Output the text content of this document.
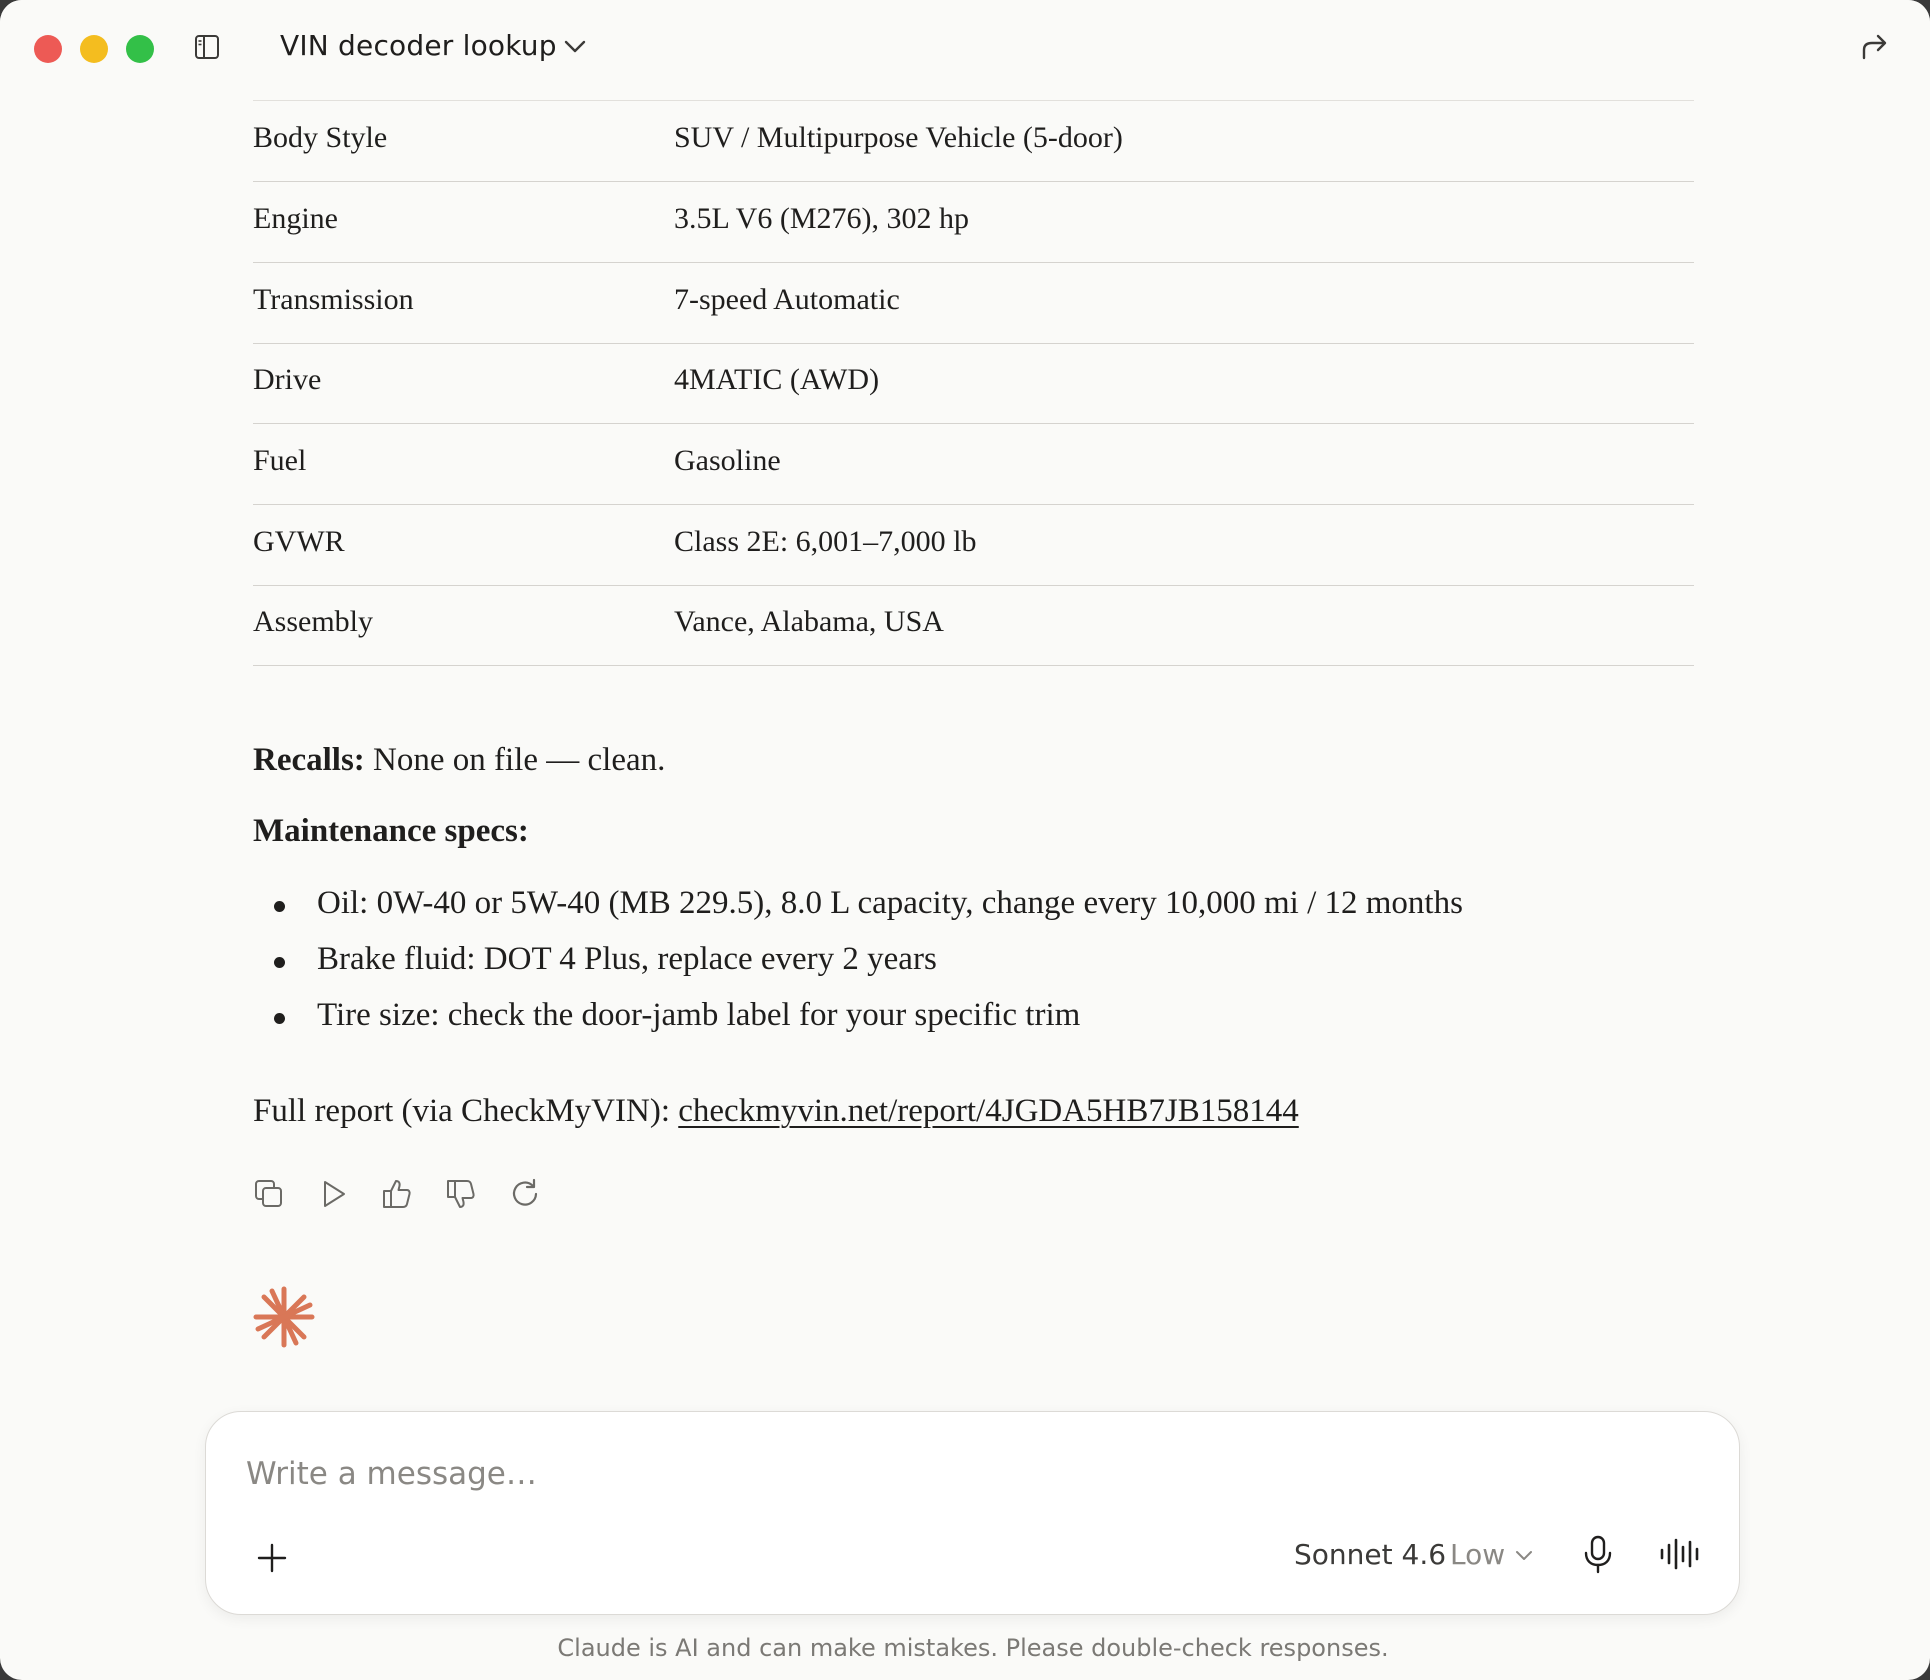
VIN decoder lookup
Body Style	SUV / Multipurpose Vehicle (5-door)
Engine	3.5L V6 (M276), 302 hp
Transmission	7-speed Automatic
Drive	4MATIC (AWD)
Fuel	Gasoline
GVWR	Class 2E: 6,001–7,000 lb
Assembly	Vance, Alabama, USA
Recalls: None on file — clean.
Maintenance specs:
Oil: 0W-40 or 5W-40 (MB 229.5), 8.0 L capacity, change every 10,000 mi / 12 months
Brake fluid: DOT 4 Plus, replace every 2 years
Tire size: check the door-jamb label for your specific trim
Full report (via CheckMyVIN): checkmyvin.net/report/4JGDA5HB7JB158144
Write a message…
Sonnet 4.6 Low
Claude is AI and can make mistakes. Please double-check responses.
